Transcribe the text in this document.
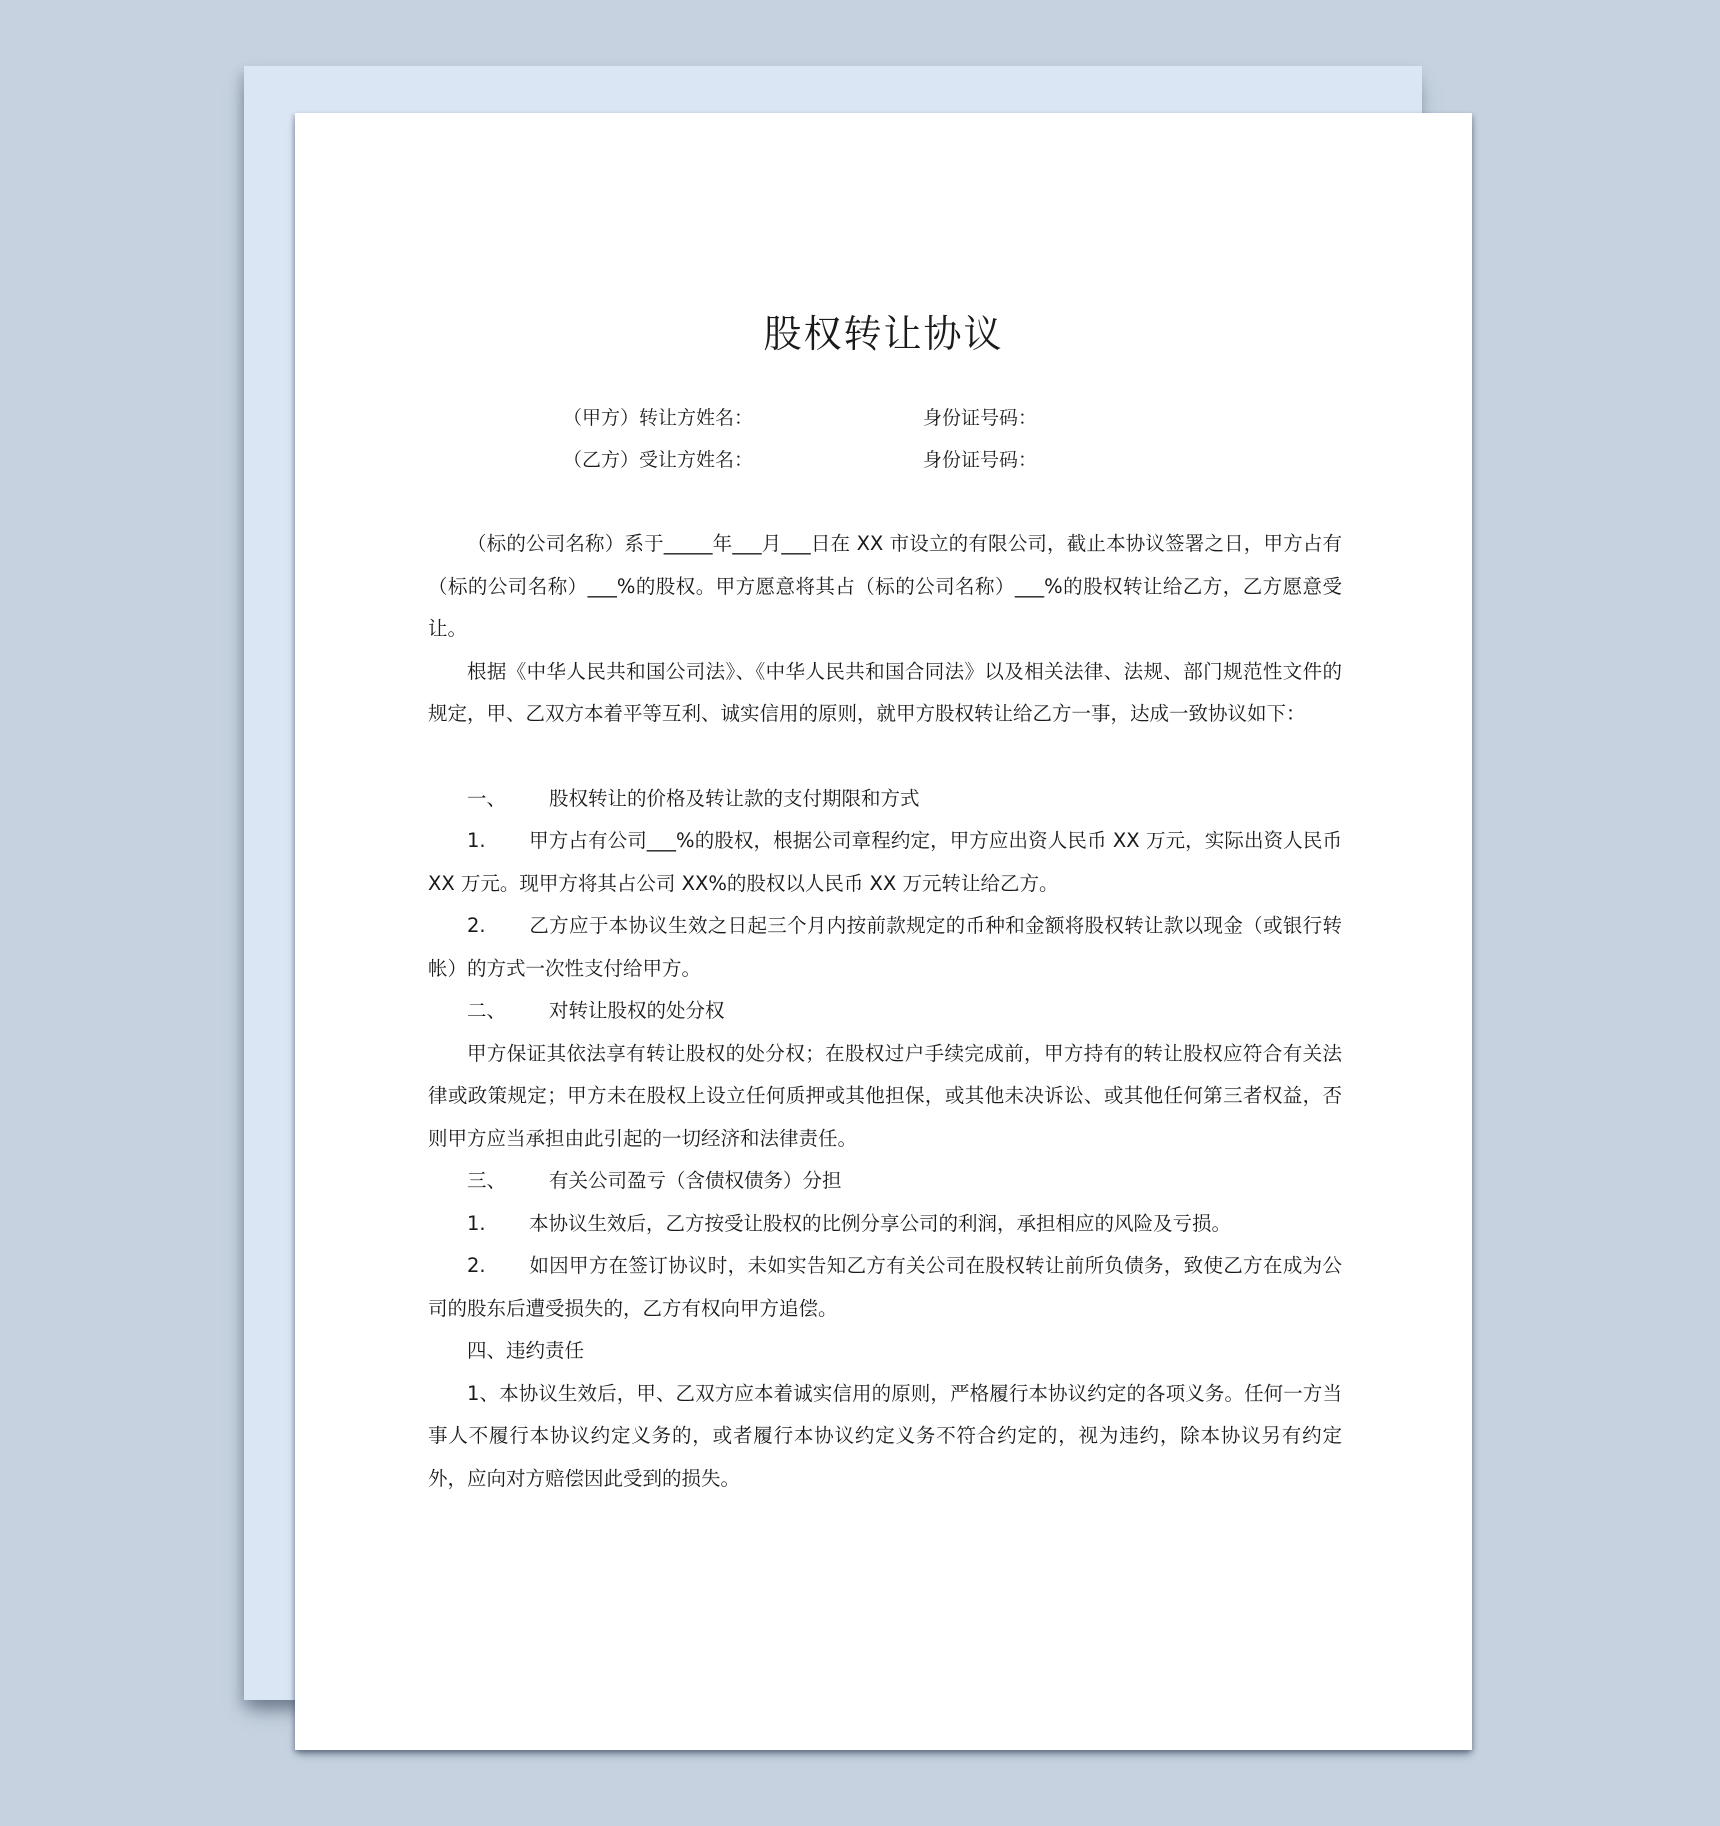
股权转让协议
（甲方）转让方姓名：	身份证号码：
（乙方）受让方姓名：	身份证号码：

（标的公司名称）系于_____年___月___日在 XX 市设立的有限公司，截止本协议签署之日，甲方占有（标的公司名称）___%的股权。甲方愿意将其占（标的公司名称）___%的股权转让给乙方，乙方愿意受让。

根据《中华人民共和国公司法》、《中华人民共和国合同法》以及相关法律、法规、部门规范性文件的规定，甲、乙双方本着平等互利、诚实信用的原则，就甲方股权转让给乙方一事，达成一致协议如下：

一、 股权转让的价格及转让款的支付期限和方式

1. 甲方占有公司___%的股权，根据公司章程约定，甲方应出资人民币 XX 万元，实际出资人民币 XX 万元。现甲方将其占公司 XX%的股权以人民币 XX 万元转让给乙方。

2. 乙方应于本协议生效之日起三个月内按前款规定的币种和金额将股权转让款以现金（或银行转帐）的方式一次性支付给甲方。

二、 对转让股权的处分权

甲方保证其依法享有转让股权的处分权；在股权过户手续完成前，甲方持有的转让股权应符合有关法律或政策规定；甲方未在股权上设立任何质押或其他担保，或其他未决诉讼、或其他任何第三者权益，否则甲方应当承担由此引起的一切经济和法律责任。

三、 有关公司盈亏（含债权债务）分担

1. 本协议生效后，乙方按受让股权的比例分享公司的利润，承担相应的风险及亏损。

2. 如因甲方在签订协议时，未如实告知乙方有关公司在股权转让前所负债务，致使乙方在成为公司的股东后遭受损失的，乙方有权向甲方追偿。

四、违约责任

1、本协议生效后，甲、乙双方应本着诚实信用的原则，严格履行本协议约定的各项义务。任何一方当事人不履行本协议约定义务的，或者履行本协议约定义务不符合约定的，视为违约，除本协议另有约定外，应向对方赔偿因此受到的损失。
